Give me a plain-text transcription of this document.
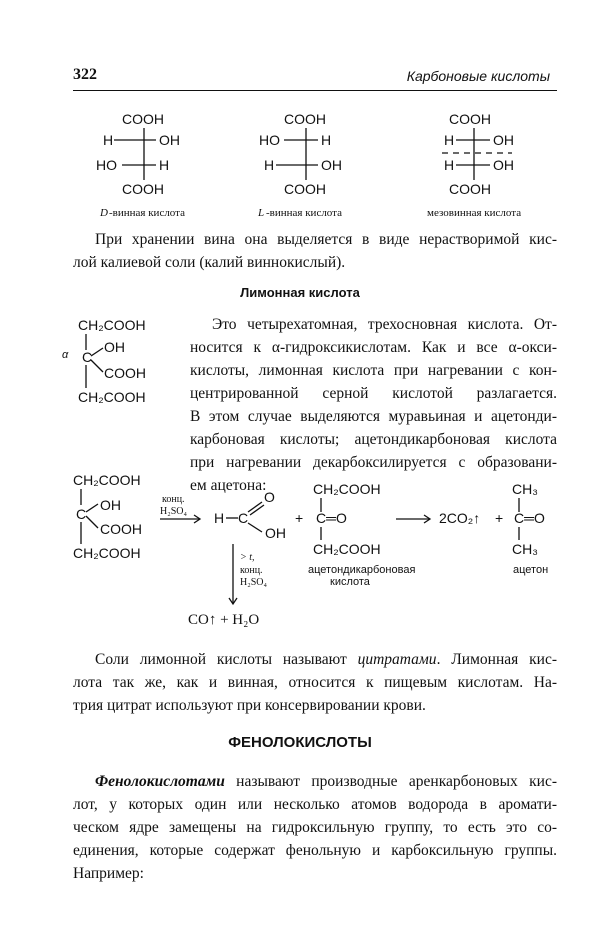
322	Карбоновые кислоты
COOH
H	OH
HO	H
COOH
D -винная кислота
COOH
HO	H
H	OH
COOH
L -винная кислота
COOH
H	OH
H	OH
COOH
мезовинная кислота
При хранении вина она выделяется в виде нерастворимой кис-
лой калиевой соли (калий виннокислый).
Лимонная кислота
CH₂COOH
α C
OH
COOH
CH₂COOH
Это четырехатомная, трехосновная кислота. От-
носится к α-гидроксикислотам. Как и все α-окси-
кислоты, лимонная кислота при нагревании с кон-
центрированной серной кислотой разлагается.
В этом случае выделяются муравьиная и ацетонди-
карбоновая кислоты; ацетондикарбоновая кислота
при нагревании декарбоксилируется с образовани-
ем ацетона:
CH₂COOH
C
OH
COOH
CH₂COOH
конц.
H₂SO₄ H C
O
OH
+
CH₂COOH
C═O
CH₂COOH
ацетондикарбоновая
кислота
2CO₂↑ +
CH₃
C═O
CH₃
ацетон
> t,
конц.
H₂SO₄
CO↑ + H₂O
Соли лимонной кислоты называют цитратами. Лимонная кис-
лота так же, как и винная, относится к пищевым кислотам. На-
трия цитрат используют при консервировании крови.
ФЕНОЛОКИСЛОТЫ
Фенолокислотами называют производные аренкарбоновых кис-
лот, у которых один или несколько атомов водорода в аромати-
ческом ядре замещены на гидроксильную группу, то есть это со-
единения, которые содержат фенольную и карбоксильную группы.
Например:
